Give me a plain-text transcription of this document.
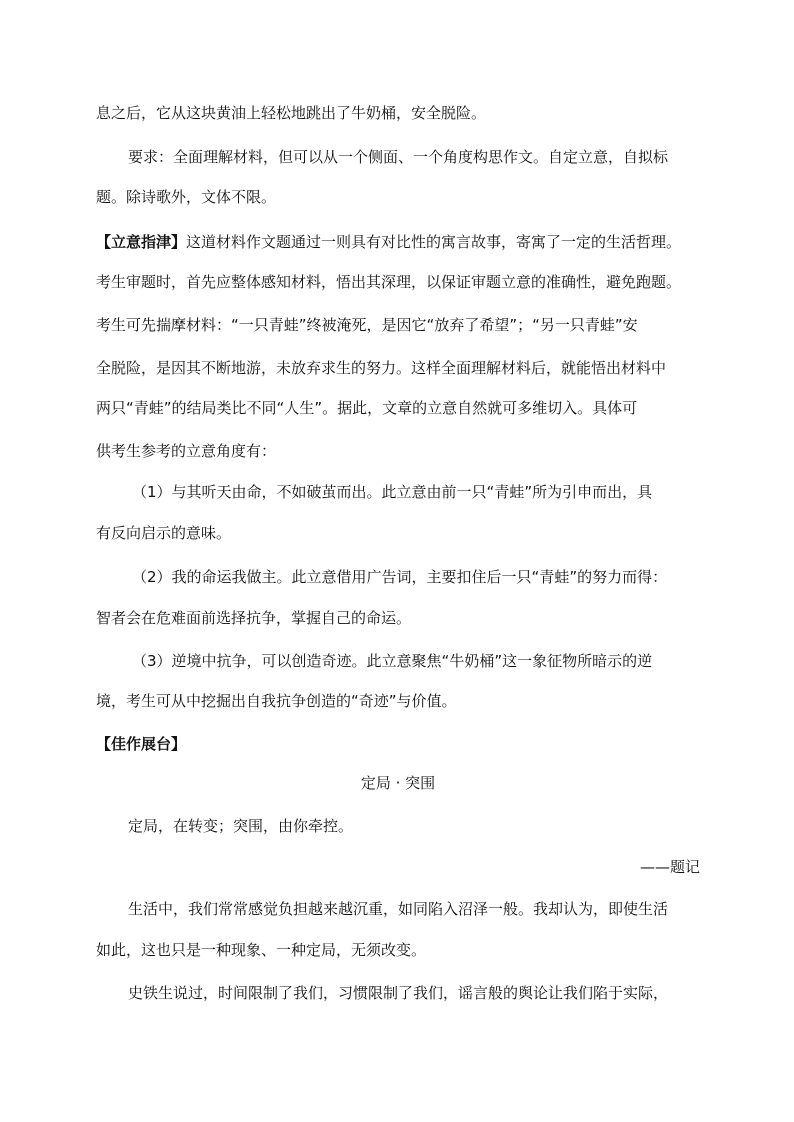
息之后，它从这块黄油上轻松地跳出了牛奶桶，安全脱险。
要求：全面理解材料，但可以从一个侧面、一个角度构思作文。自定立意，自拟标
题。除诗歌外，文体不限。
【立意指津】这道材料作文题通过一则具有对比性的寓言故事，寄寓了一定的生活哲理。
考生审题时，首先应整体感知材料，悟出其深理，以保证审题立意的准确性，避免跑题。
考生可先揣摩材料：“一只青蛙”终被淹死，是因它“放弃了希望”；“另一只青蛙”安
全脱险，是因其不断地游，未放弃求生的努力。这样全面理解材料后，就能悟出材料中
两只“青蛙”的结局类比不同“人生”。据此，文章的立意自然就可多维切入。具体可
供考生参考的立意角度有：
（1）与其听天由命，不如破茧而出。此立意由前一只“青蛙”所为引申而出，具
有反向启示的意味。
（2）我的命运我做主。此立意借用广告词，主要扣住后一只“青蛙”的努力而得：
智者会在危难面前选择抗争，掌握自己的命运。
（3）逆境中抗争，可以创造奇迹。此立意聚焦“牛奶桶”这一象征物所暗示的逆
境，考生可从中挖掘出自我抗争创造的“奇迹”与价值。
【佳作展台】
定局 · 突围
定局，在转变；突围，由你牵控。
——题记
生活中，我们常常感觉负担越来越沉重，如同陷入沼泽一般。我却认为，即使生活
如此，这也只是一种现象、一种定局，无须改变。
史铁生说过，时间限制了我们，习惯限制了我们，谣言般的舆论让我们陷于实际，
